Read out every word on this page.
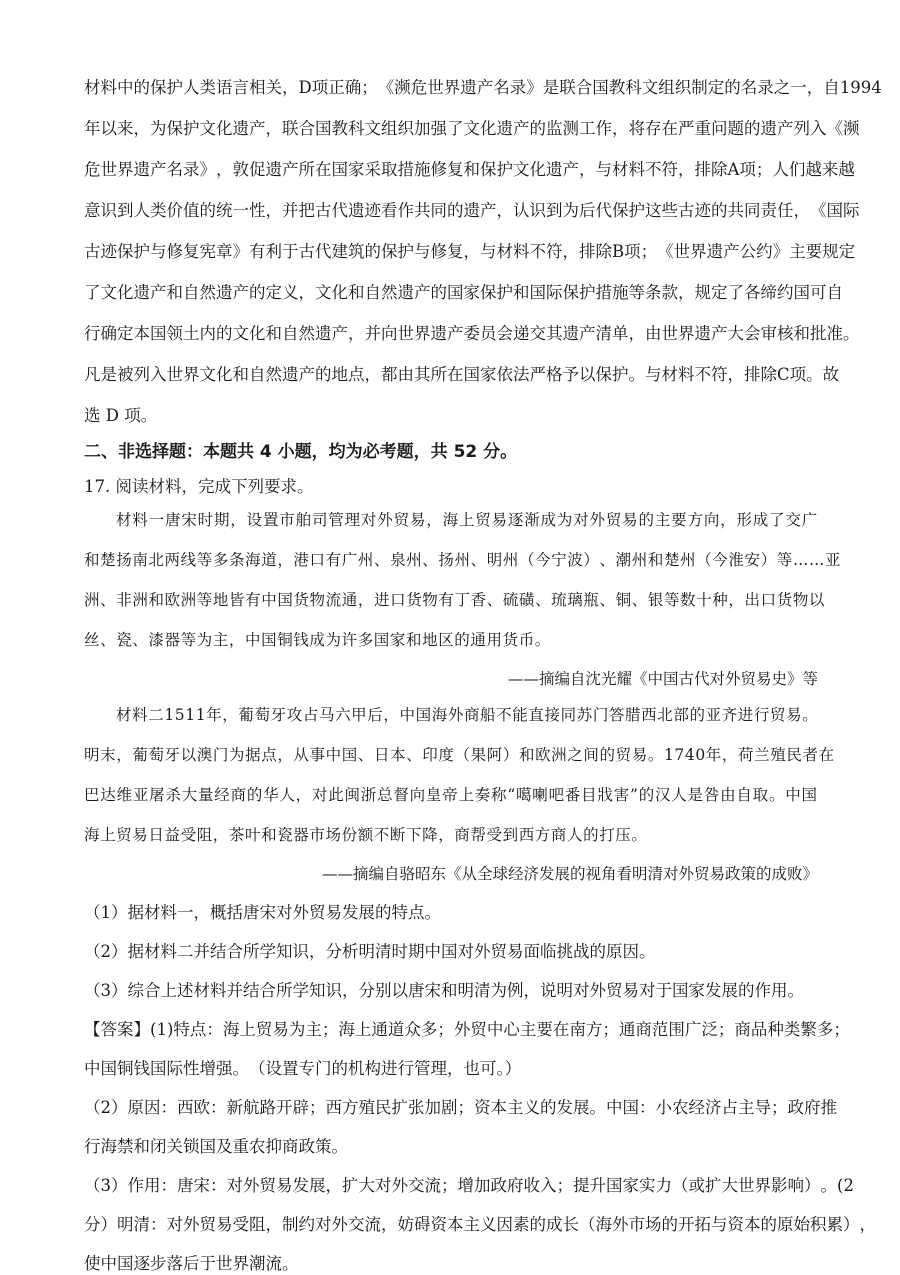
材 料 中 的 保 护 人 类 语 言 相 关 ， D 项 正 确 ； 《 濒 危 世 界 遗 产 名 录 》 是 联 合 国 教 科 文 组 织 制 定 的 名 录 之 一 ， 自 1994
年 以 来 ， 为 保 护 文 化 遗 产 ， 联 合 国 教 科 文 组 织 加 强 了 文 化 遗 产 的 监 测 工 作 ， 将 存 在 严 重 问 题 的 遗 产 列 入 《 濒
危 世 界 遗 产 名 录 》 ， 敦 促 遗 产 所 在 国 家 采 取 措 施 修 复 和 保 护 文 化 遗 产 ， 与 材 料 不 符 ， 排 除 A 项 ； 人 们 越 来 越
意 识 到 人 类 价 值 的 统 一 性 ， 并 把 古 代 遗 迹 看 作 共 同 的 遗 产 ， 认 识 到 为 后 代 保 护 这 些 古 迹 的 共 同 责 任 ， 《 国 际
古 迹 保 护 与 修 复 宪 章 》 有 利 于 古 代 建 筑 的 保 护 与 修 复 ， 与 材 料 不 符 ， 排 除 B 项 ； 《 世 界 遗 产 公 约 》 主 要 规 定
了 文 化 遗 产 和 自 然 遗 产 的 定 义 ， 文 化 和 自 然 遗 产 的 国 家 保 护 和 国 际 保 护 措 施 等 条 款 ， 规 定 了 各 缔 约 国 可 自
行 确 定 本 国 领 土 内 的 文 化 和 自 然 遗 产 ， 并 向 世 界 遗 产 委 员 会 递 交 其 遗 产 清 单 ， 由 世 界 遗 产 大 会 审 核 和 批 准 。
凡 是 被 列 入 世 界 文 化 和 自 然 遗 产 的 地 点 ， 都 由 其 所 在 国 家 依 法 严 格 予 以 保 护 。 与 材 料 不 符 ， 排 除 C 项 。 故
选 D 项。
二、非选择题：本题共 4 小题，均为必考题，共 52 分。
17. 阅读材料，完成下列要求。
材 料 一 唐 宋 时 期 ， 设 置 市 舶 司 管 理 对 外 贸 易 ， 海 上 贸 易 逐 渐 成 为 对 外 贸 易 的 主 要 方 向 ， 形 成 了 交 广
和 楚 扬 南 北 两 线 等 多 条 海 道 ， 港 口 有 广 州 、 泉 州 、 扬 州 、 明 州 （ 今 宁 波 ） 、 潮 州 和 楚 州 （ 今 淮 安 ） 等 … … 亚
洲 、 非 洲 和 欧 洲 等 地 皆 有 中 国 货 物 流 通 ， 进 口 货 物 有 丁 香 、 硫 磺 、 琉 璃 瓶 、 铜 、 银 等 数 十 种 ， 出 口 货 物 以
丝、瓷、漆器等为主，中国铜钱成为许多国家和地区的通用货币。
——摘编自沈光耀《中国古代对外贸易史》等
材 料 二 1511 年 ， 葡 萄 牙 攻 占 马 六 甲 后 ， 中 国 海 外 商 船 不 能 直 接 同 苏 门 答 腊 西 北 部 的 亚 齐 进 行 贸 易 。
明 末 ， 葡 萄 牙 以 澳 门 为 据 点 ， 从 事 中 国 、 日 本 、 印 度 （ 果 阿 ） 和 欧 洲 之 间 的 贸 易 。 1740 年 ， 荷 兰 殖 民 者 在
巴 达 维 亚 屠 杀 大 量 经 商 的 华 人 ， 对 此 闽 浙 总 督 向 皇 帝 上 奏 称 “ 噶 喇 吧 番 目 戕 害 ” 的 汉 人 是 咎 由 自 取 。 中 国
海上贸易日益受阻，茶叶和瓷器市场份额不断下降，商帮受到西方商人的打压。
——摘编自骆昭东《从全球经济发展的视角看明清对外贸易政策的成败》
（1）据材料一，概括唐宋对外贸易发展的特点。
（2）据材料二并结合所学知识，分析明清时期中国对外贸易面临挑战的原因。
（3）综合上述材料并结合所学知识，分别以唐宋和明清为例，说明对外贸易对于国家发展的作用。
【 答 案 】 ( 1 ) 特 点 ： 海 上 贸 易 为 主 ； 海 上 通 道 众 多 ； 外 贸 中 心 主 要 在 南 方 ； 通 商 范 围 广 泛 ； 商 品 种 类 繁 多 ；
中国铜钱国际性增强。　（设置专门的机构进行管理，也可。）
（ 2 ） 原 因 ： 西 欧 ： 新 航 路 开 辟 ； 西 方 殖 民 扩 张 加 剧 ； 资 本 主 义 的 发 展 。 中 国 ： 小 农 经 济 占 主 导 ； 政 府 推
行海禁和闭关锁国及重农抑商政策。
（ 3 ） 作 用 ： 唐 宋 ： 对 外 贸 易 发 展 ， 扩 大 对 外 交 流 ； 增 加 政 府 收 入 ； 提 升 国 家 实 力 （ 或 扩 大 世 界 影 响 ） 。 ( 2
分 ） 明 清 ： 对 外 贸 易 受 阻 ， 制 约 对 外 交 流 ， 妨 碍 资 本 主 义 因 素 的 成 长 （ 海 外 市 场 的 开 拓 与 资 本 的 原 始 积 累 ） ，
使中国逐步落后于世界潮流。
